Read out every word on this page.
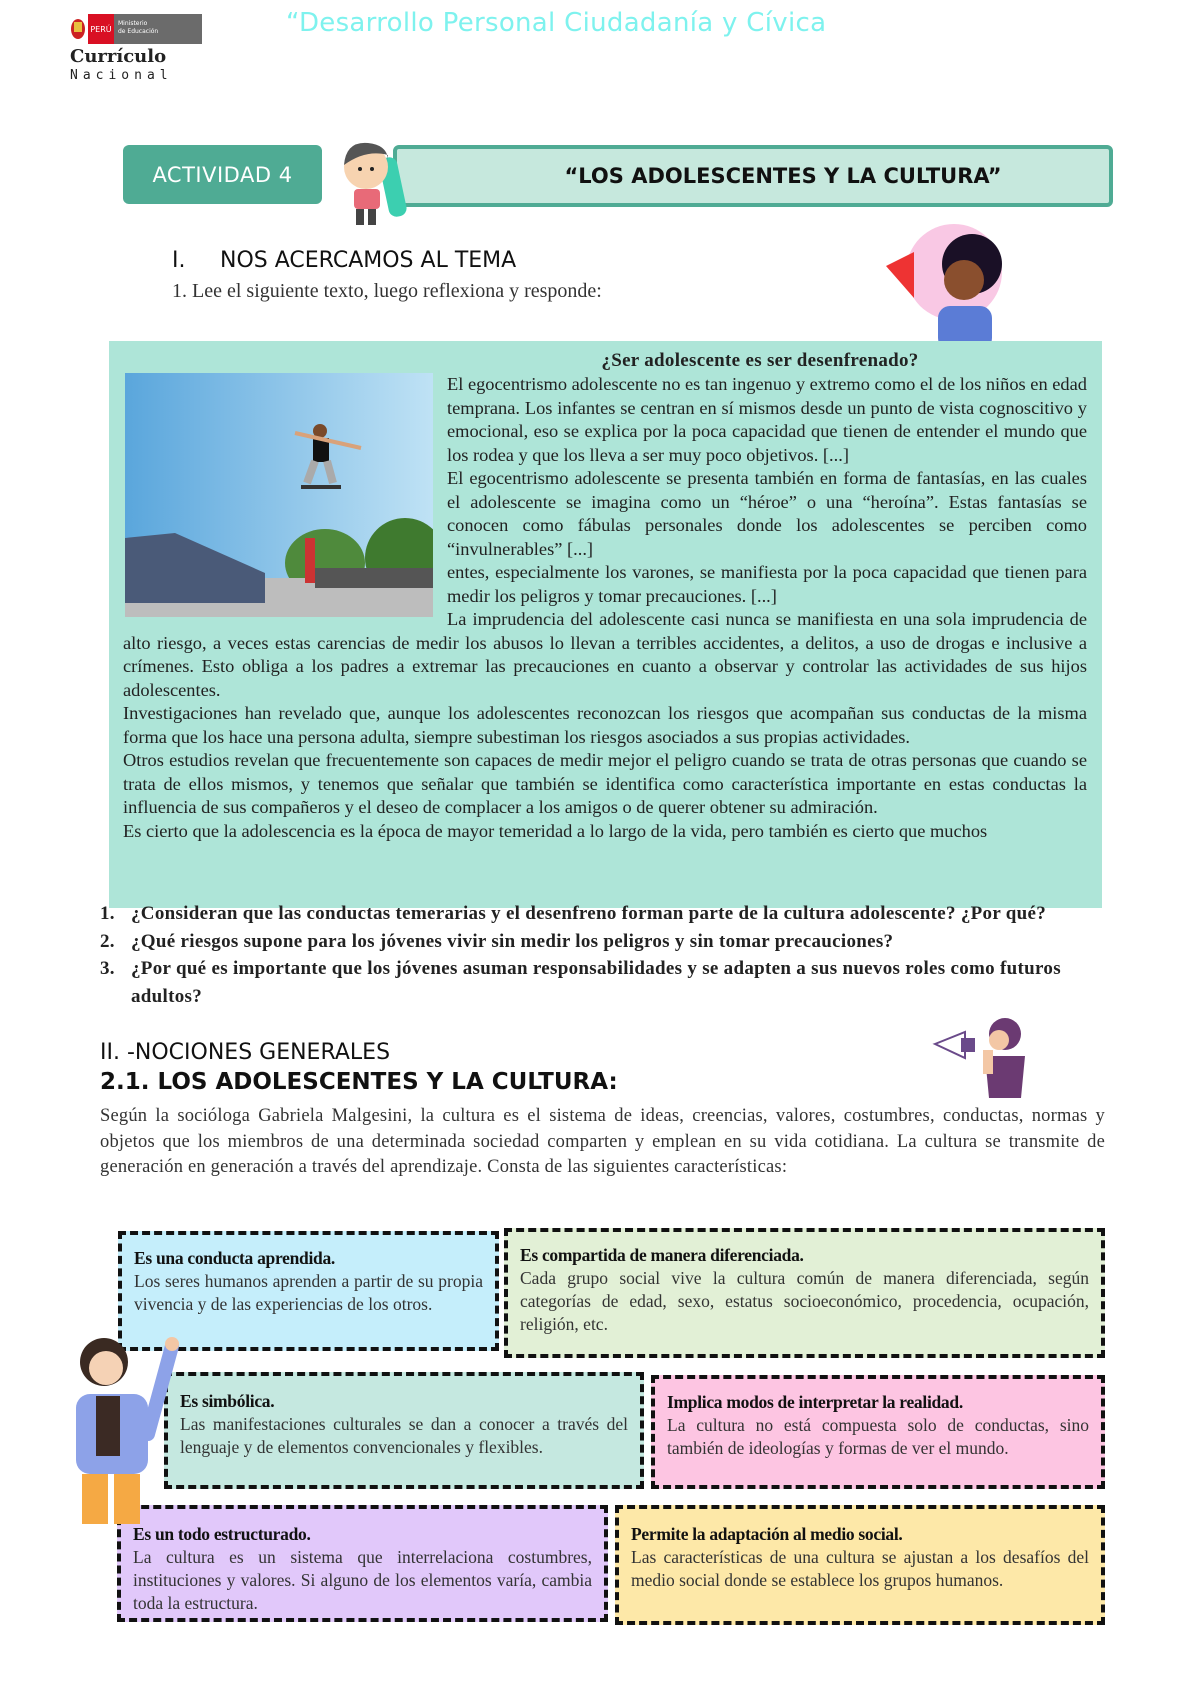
“Desarrollo Personal Ciudadanía y Cívica
PERÚ
Ministerio
de Educación
Currículo
Nacional
ACTIVIDAD 4	“LOS ADOLESCENTES Y LA CULTURA”
I. NOS ACERCAMOS AL TEMA
1. Lee el siguiente texto, luego reflexiona y responde:
¿Ser adolescente es ser desenfrenado?

El egocentrismo adolescente no es tan ingenuo y extremo como el de los niños en edad temprana. Los infantes se centran en sí mismos desde un punto de vista cognoscitivo y emocional, eso se explica por la poca capacidad que tienen de entender el mundo que los rodea y que los lleva a ser muy poco objetivos. [...]

El egocentrismo adolescente se presenta también en forma de fantasías, en las cuales el adolescente se imagina como un “héroe” o una “heroína”. Estas fantasías se conocen como fábulas personales donde los adolescentes se perciben como “invulnerables” [...]

entes, especialmente los varones, se manifiesta por la poca capacidad que tienen para medir los peligros y tomar precauciones. [...]

La imprudencia del adolescente casi nunca se manifiesta en una sola imprudencia de alto riesgo, a veces estas carencias de medir los abusos lo llevan a terribles accidentes, a delitos, a uso de drogas e inclusive a crímenes. Esto obliga a los padres a extremar las precauciones en cuanto a observar y controlar las actividades de sus hijos adolescentes.

Investigaciones han revelado que, aunque los adolescentes reconozcan los riesgos que acompañan sus conductas de la misma forma que los hace una persona adulta, siempre subestiman los riesgos asociados a sus propias actividades.

Otros estudios revelan que frecuentemente son capaces de medir mejor el peligro cuando se trata de otras personas que cuando se trata de ellos mismos, y tenemos que señalar que también se identifica como característica importante en estas conductas la influencia de sus compañeros y el deseo de complacer a los amigos o de querer obtener su admiración.

Es cierto que la adolescencia es la época de mayor temeridad a lo largo de la vida, pero también es cierto que muchos

1. ¿Consideran que las conductas temerarias y el desenfreno forman parte de la cultura adolescente? ¿Por qué?
2. ¿Qué riesgos supone para los jóvenes vivir sin medir los peligros y sin tomar precauciones?
3. ¿Por qué es importante que los jóvenes asuman responsabilidades y se adapten a sus nuevos roles como futuros adultos?
II. -NOCIONES GENERALES
2.1. LOS ADOLESCENTES Y LA CULTURA:
Según la socióloga Gabriela Malgesini, la cultura es el sistema de ideas, creencias, valores, costumbres, conductas, normas y objetos que los miembros de una determinada sociedad comparten y emplean en su vida cotidiana. La cultura se transmite de generación en generación a través del aprendizaje. Consta de las siguientes características:
Es una conducta aprendida.
Los seres humanos aprenden a partir de su propia vivencia y de las experiencias de los otros.
Es compartida de manera diferenciada.
Cada grupo social vive la cultura común de manera diferenciada, según categorías de edad, sexo, estatus socioeconómico, procedencia, ocupación, religión, etc.
Es simbólica.
Las manifestaciones culturales se dan a conocer a través del lenguaje y de elementos convencionales y flexibles.
Implica modos de interpretar la realidad.
La cultura no está compuesta solo de conductas, sino también de ideologías y formas de ver el mundo.
Es un todo estructurado.
La cultura es un sistema que interrelaciona costumbres, instituciones y valores. Si alguno de los elementos varía, cambia toda la estructura.
Permite la adaptación al medio social.
Las características de una cultura se ajustan a los desafíos del medio social donde se establece los grupos humanos.
